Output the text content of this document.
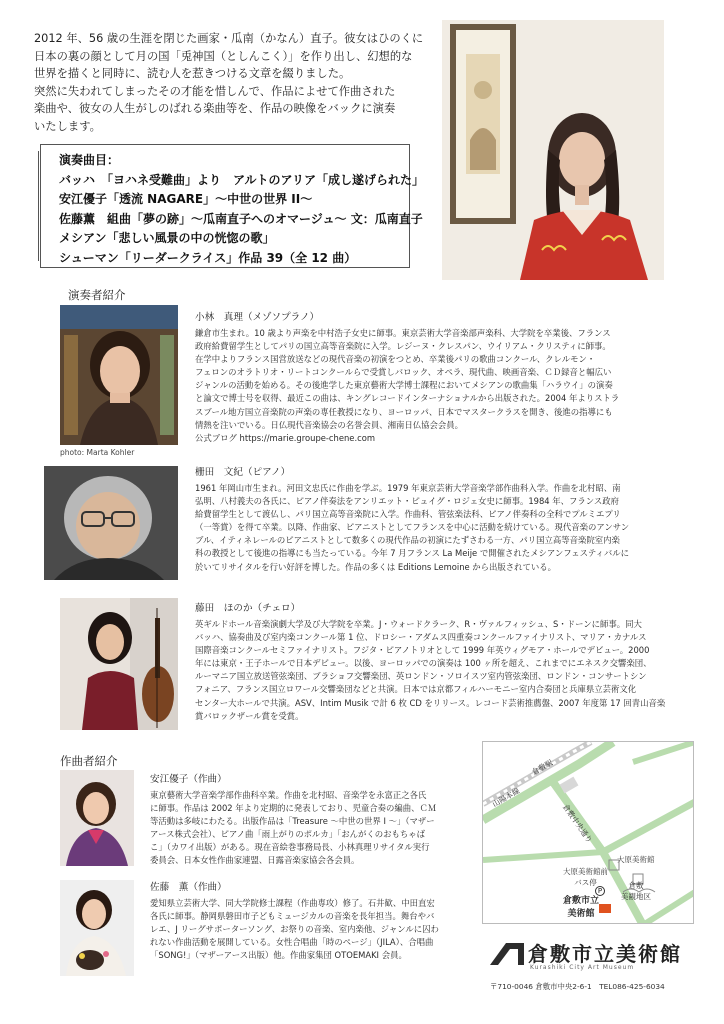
2012 年、56 歳の生涯を閉じた画家・瓜南（かなん）直子。彼女はひのくに

日本の裏の顔として月の国「兎神国（としんこく）」を作り出し、幻想的な

世界を描くと同時に、読む人を惹きつける文章を綴りました。

突然に失われてしまったその才能を惜しんで、作品によせて作曲された

楽曲や、彼女の人生がしのばれる楽曲等を、作品の映像をバックに演奏

いたします。

演奏曲目：
バッハ　「ヨハネ受難曲」より　アルトのアリア「成し遂げられた」
安江優子「透流 NAGARE」〜中世の世界 II〜
佐藤薫　組曲「夢の跡」〜瓜南直子へのオマージュ〜 文：瓜南直子
メシアン「悲しい風景の中の恍惚の歌」
シューマン「リーダークライス」作品 39（全 12 曲）
演奏者紹介
photo: Marta Kohler
小林　真理（メゾソプラノ）

鎌倉市生まれ。10 歳より声楽を中村浩子女史に師事。東京芸術大学音楽部声楽科、大学院を卒業後、フランス

政府給費留学生としてパリの国立高等音楽院に入学。レジーヌ・クレスパン、ウイリアム・クリスティに師事。

在学中よりフランス国営放送などの現代音楽の初演をつとめ、卒業後パリの歌曲コンクール、クレルモン・

フェロンのオラトリオ・リートコンクールらで受賞しバロック、オペラ、現代曲、映画音楽、ＣＤ録音と幅広い

ジャンルの活動を始める。その後進学した東京藝術大学博士課程においてメシアンの歌曲集「ハラウイ」の演奏

と論文で博士号を収得、最近この曲は、キングレコードインターナショナルから出版された。2004 年よりストラ

スブール地方国立音楽院の声楽の専任教授になり、ヨーロッパ、日本でマスタークラスを開き、後進の指導にも

情熱を注いでいる。日仏現代音楽協会の名誉会員、湘南日仏協会会員。

公式ブログ https://marie.groupe-chene.com

栅田　文紀（ピアノ）

1961 年岡山市生まれ。河田文忠氏に作曲を学ぶ。1979 年東京芸術大学音楽学部作曲科入学。作曲を北村昭、南

弘明、八村義夫の各氏に、ピアノ伴奏法をアンリエット・ピュイグ・ロジェ女史に師事。1984 年、フランス政府

給費留学生として渡仏し、パリ国立高等音楽院に入学。作曲科、管弦楽法科、ピアノ伴奏科の全科でプルミエプリ

（一等賞）を得て卒業。以降、作曲家、ピアニストとしてフランスを中心に活動を続けている。現代音楽のアンサン

ブル、イティネレールのピアニストとして数多くの現代作品の初演にたずさわる一方、パリ国立高等音楽院室内楽

科の教授として後進の指導にも当たっている。今年 7 月フランス La Meije で開催されたメシアンフェスティバルに

於いてリサイタルを行い好評を博した。作品の多くは Editions Lemoine から出版されている。

藤田　ほのか（チェロ）

英ギルドホール音楽演劇大学及び大学院を卒業。J・ウォードクラーク、R・ヴァルフィッシュ、S・ドーンに師事。同大

バッハ、協奏曲及び室内楽コンクール第 1 位、ドロシー・アダムス四重奏コンクールファイナリスト、マリア・カナルス

国際音楽コンクールセミファイナリスト。フジタ・ピアノトリオとして 1999 年英ウィグモア・ホールでデビュー。2000

年には東京・王子ホールで日本デビュー。以後、ヨーロッパでの演奏は 100 ヶ所を超え、これまでにエネスク交響楽団、

ルーマニア国立放送管弦楽団、ブラショフ交響楽団、英ロンドン・ソロイスツ室内管弦楽団、ロンドン・コンサートシン

フォニア、フランス国立ロワール交響楽団などと共演。日本では京都フィルハーモニー室内合奏団と兵庫県立芸術文化

センター大ホールで共演。ASV、Intim Musik で計 6 枚 CD をリリース。レコード芸術推薦盤、2007 年度第 17 回青山音楽

賞バロックザール賞を受賞。

作曲者紹介
安江優子（作曲）

東京藝術大学音楽学部作曲科卒業。作曲を北村昭、音楽学を永富正之各氏

に師事。作品は 2002 年より定期的に発表しており、児童合奏の編曲、ＣＭ

等活動は多岐にわたる。出版作品は「Treasure 〜中世の世界 I 〜」（マザー

アース株式会社）、ピアノ曲「雨上がりのポルカ」「おんがくのおもちゃば

こ」（カワイ出版）がある。現在音絵巻事務局長、小林真理リサイタル実行

委員会、日本女性作曲家連盟、日露音楽家協会各会員。

佐藤　薫（作曲）

愛知県立芸術大学、同大学院修士課程（作曲専攻）修了。石井歓、中田直宏

各氏に師事。静岡県磐田市子どもミュージカルの音楽を長年担当。舞台やバ

レエ、J リーグサポーターソング、お祭りの音楽、室内楽他、ジャンルに囚わ

れない作曲活動を展開している。女性合唱曲「時のページ」（JILA）、合唱曲

「SONG!」（マザーアース出版）他。作曲家集団 OTOEMAKI 会員。

山陽本線
倉敷駅
倉敷中央通り
大原美術館前
バス停
大原美術館
倉敷
美観地区
倉敷市立
美術館
P
倉敷市立美術館
Kurashiki City Art Museum
〒710-0046 倉敷市中央2-6-1　TEL086-425-6034
